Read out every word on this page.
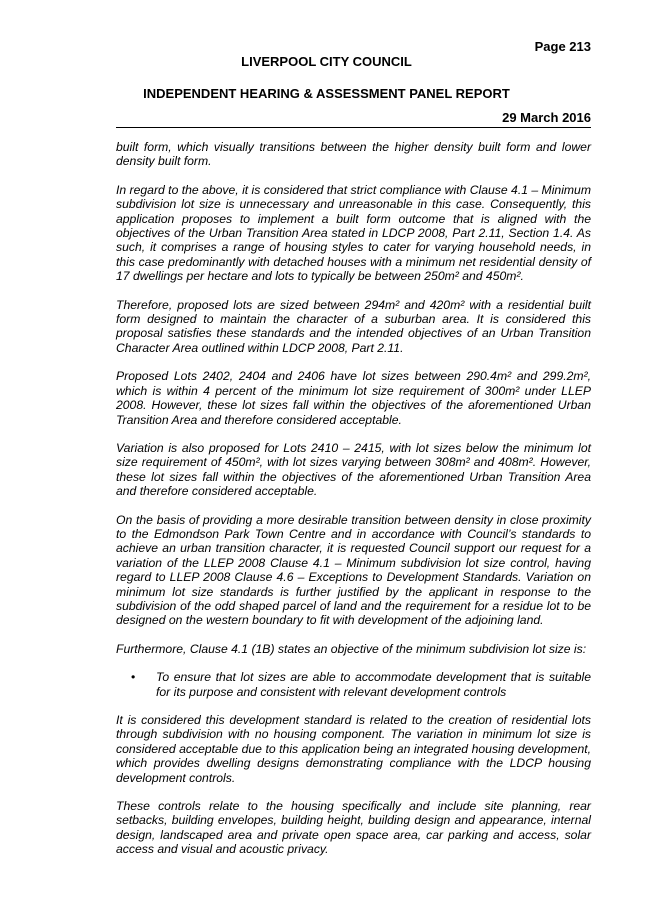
Page 213
LIVERPOOL CITY COUNCIL
INDEPENDENT HEARING & ASSESSMENT PANEL REPORT
29 March 2016

built form, which visually transitions between the higher density built form and lower density built form.

In regard to the above, it is considered that strict compliance with Clause 4.1 – Minimum subdivision lot size is unnecessary and unreasonable in this case. Consequently, this application proposes to implement a built form outcome that is aligned with the objectives of the Urban Transition Area stated in LDCP 2008, Part 2.11, Section 1.4. As such, it comprises a range of housing styles to cater for varying household needs, in this case predominantly with detached houses with a minimum net residential density of 17 dwellings per hectare and lots to typically be between 250m² and 450m².

Therefore, proposed lots are sized between 294m² and 420m² with a residential built form designed to maintain the character of a suburban area. It is considered this proposal satisfies these standards and the intended objectives of an Urban Transition Character Area outlined within LDCP 2008, Part 2.11.

Proposed Lots 2402, 2404 and 2406 have lot sizes between 290.4m² and 299.2m², which is within 4 percent of the minimum lot size requirement of 300m² under LLEP 2008. However, these lot sizes fall within the objectives of the aforementioned Urban Transition Area and therefore considered acceptable.

Variation is also proposed for Lots 2410 – 2415, with lot sizes below the minimum lot size requirement of 450m², with lot sizes varying between 308m² and 408m². However, these lot sizes fall within the objectives of the aforementioned Urban Transition Area and therefore considered acceptable.

On the basis of providing a more desirable transition between density in close proximity to the Edmondson Park Town Centre and in accordance with Council’s standards to achieve an urban transition character, it is requested Council support our request for a variation of the LLEP 2008 Clause 4.1 – Minimum subdivision lot size control, having regard to LLEP 2008 Clause 4.6 – Exceptions to Development Standards. Variation on minimum lot size standards is further justified by the applicant in response to the subdivision of the odd shaped parcel of land and the requirement for a residue lot to be designed on the western boundary to fit with development of the adjoining land.

Furthermore, Clause 4.1 (1B) states an objective of the minimum subdivision lot size is:

• To ensure that lot sizes are able to accommodate development that is suitable for its purpose and consistent with relevant development controls

It is considered this development standard is related to the creation of residential lots through subdivision with no housing component. The variation in minimum lot size is considered acceptable due to this application being an integrated housing development, which provides dwelling designs demonstrating compliance with the LDCP housing development controls.

These controls relate to the housing specifically and include site planning, rear setbacks, building envelopes, building height, building design and appearance, internal design, landscaped area and private open space area, car parking and access, solar access and visual and acoustic privacy.
